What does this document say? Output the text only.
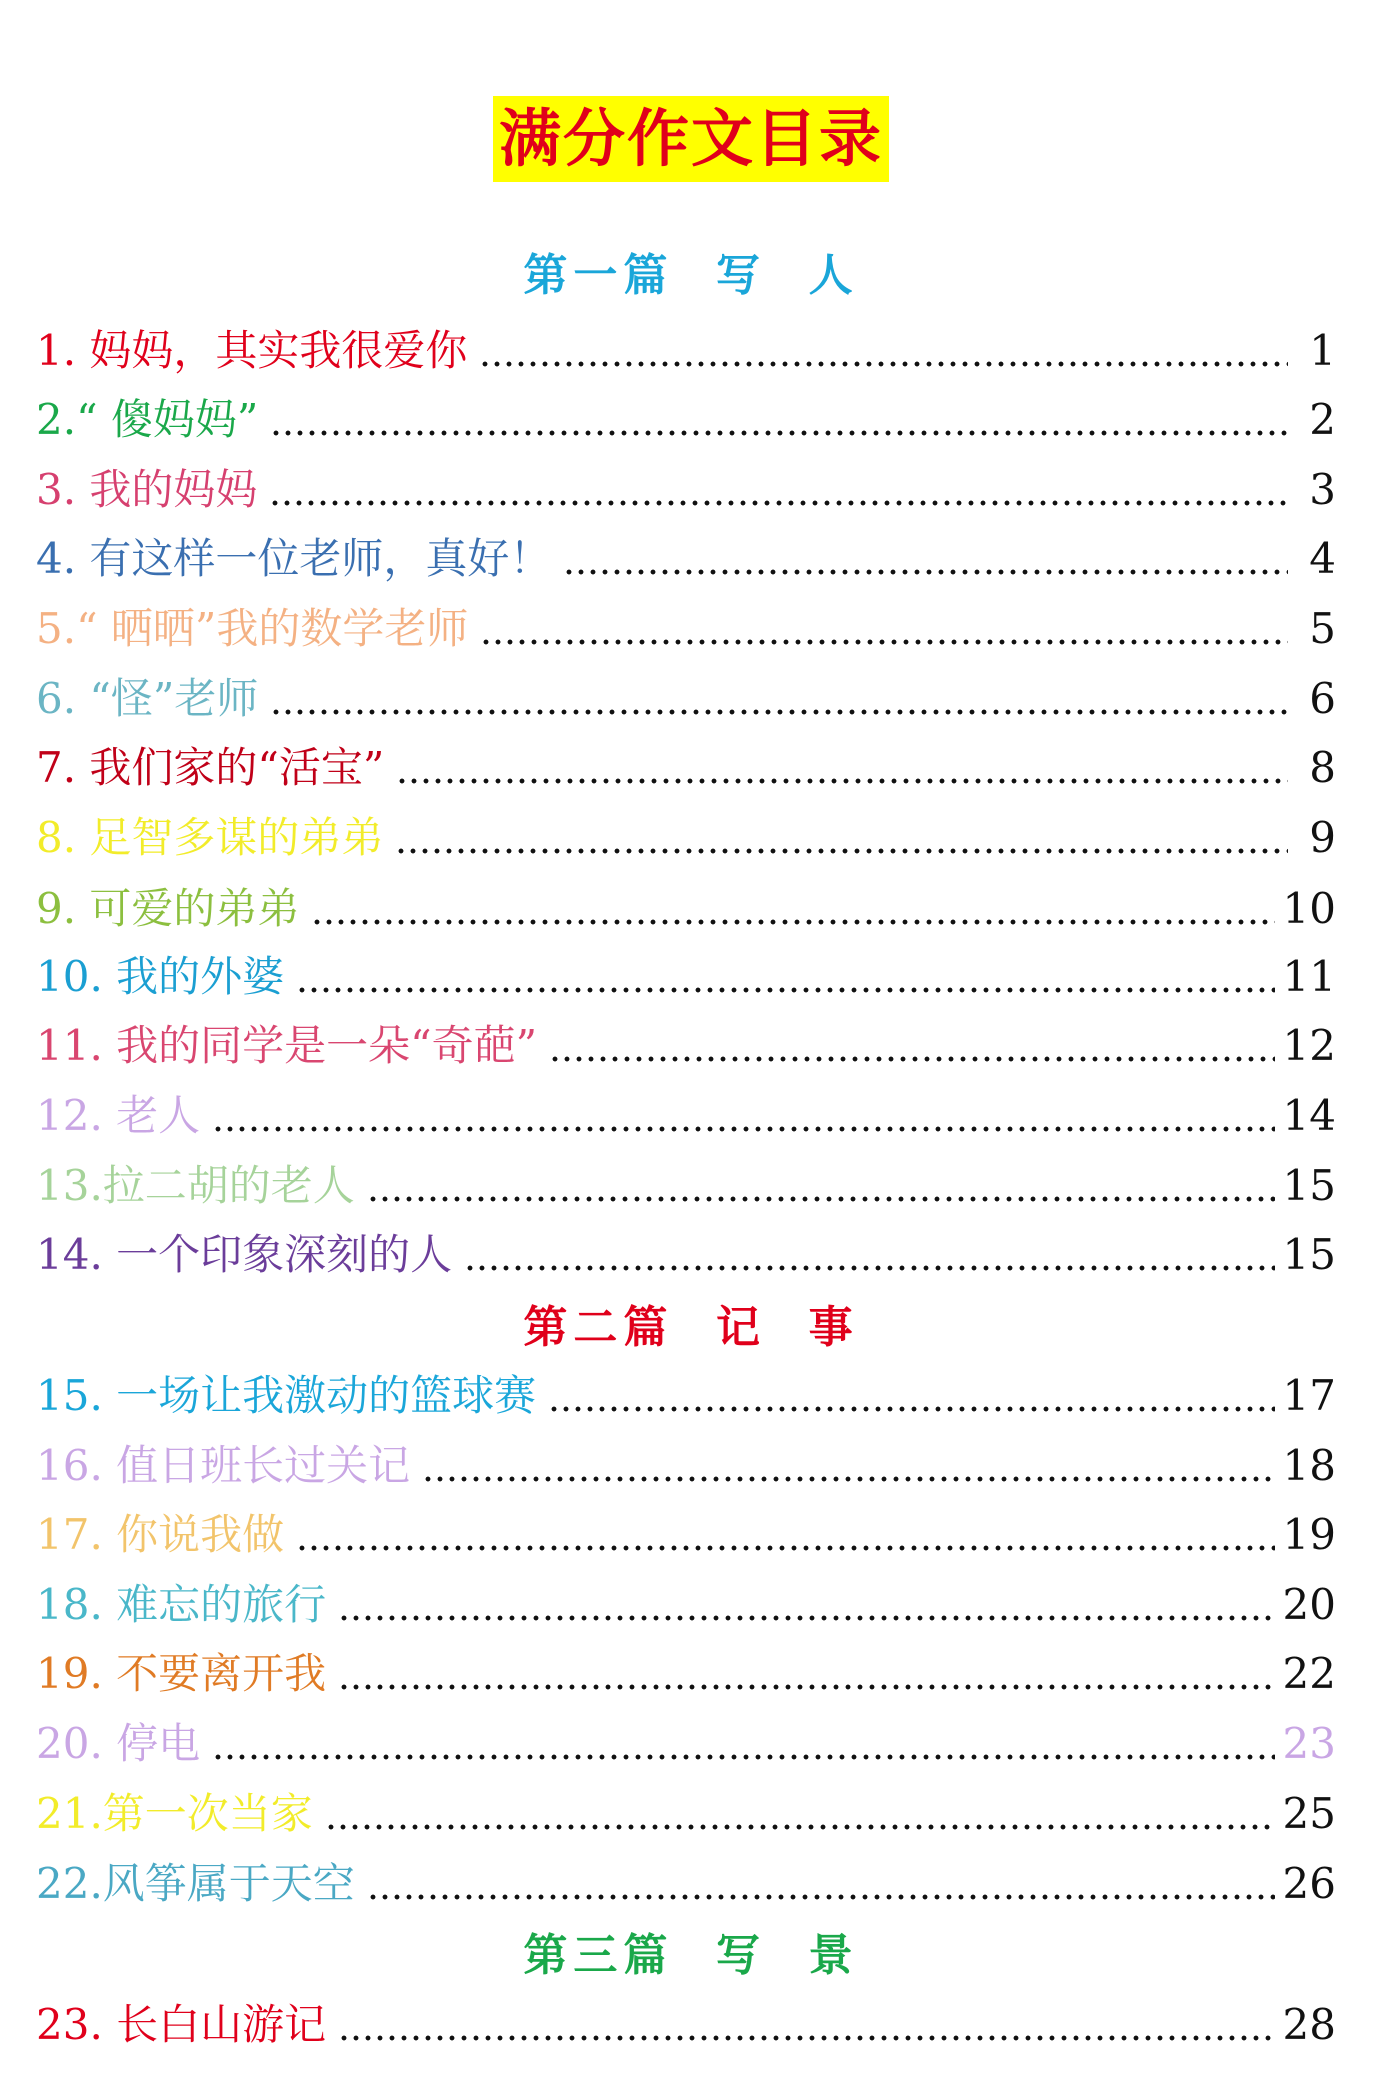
满分作文目录
第一篇  写  人
1. 妈妈，其实我很爱你	1
2.“ 傻妈妈”	2
3. 我的妈妈	3
4. 有这样一位老师，真好！	4
5.“ 晒晒”我的数学老师	5
6. “怪”老师	6
7. 我们家的“活宝”	8
8. 足智多谋的弟弟	9
9. 可爱的弟弟	10
10. 我的外婆	11
11. 我的同学是一朵“奇葩”	12
12. 老人	14
13.拉二胡的老人	15
14. 一个印象深刻的人	15
第二篇  记  事
15. 一场让我激动的篮球赛	17
16. 值日班长过关记	18
17. 你说我做	19
18. 难忘的旅行	20
19. 不要离开我	22
20. 停电	23
21.第一次当家	25
22.风筝属于天空	26
第三篇  写  景
23. 长白山游记	28
